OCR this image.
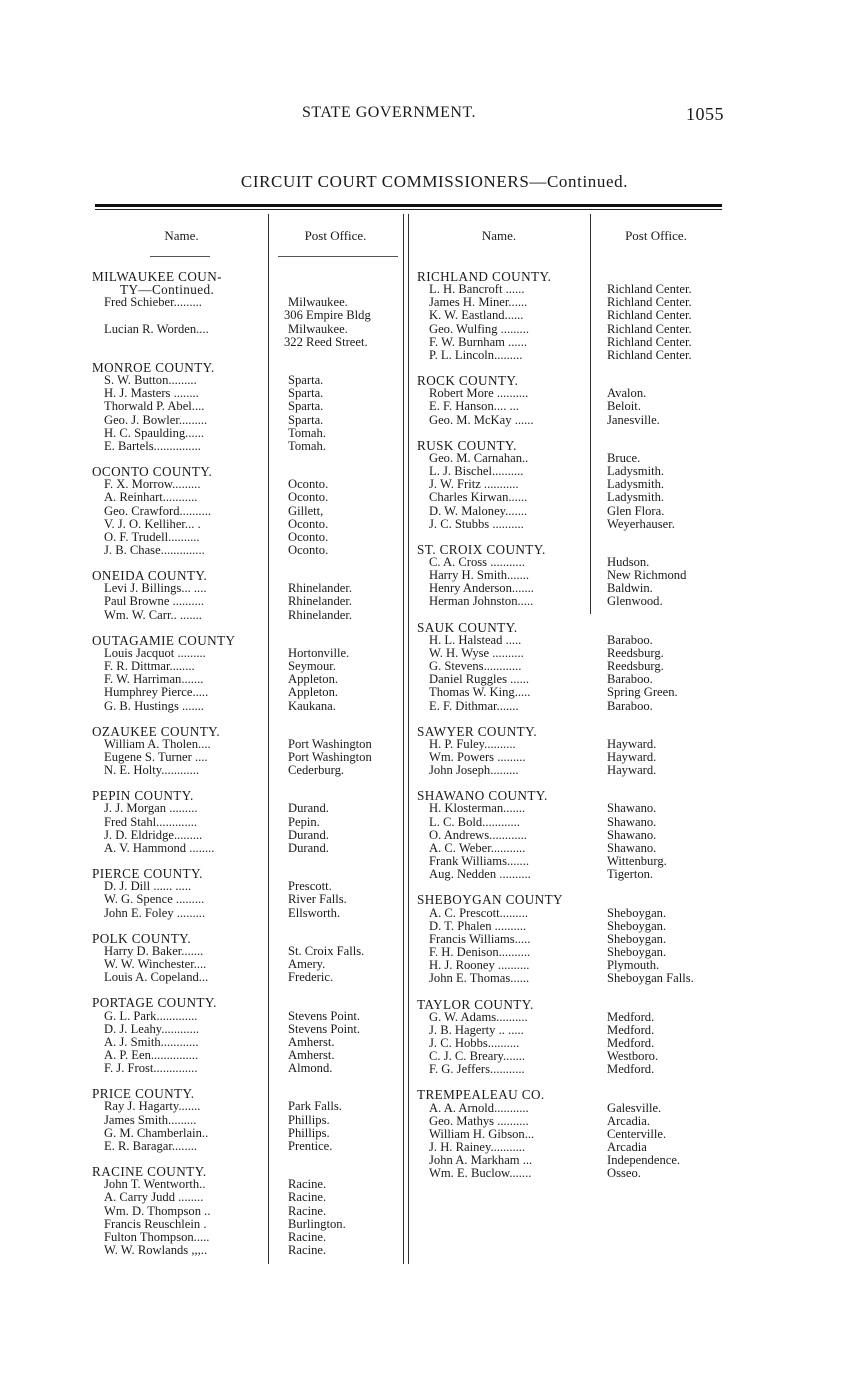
STATE GOVERNMENT.	1055
CIRCUIT COURT COMMISSIONERS—Continued.
Name.	Post Office.	Name.	Post Office.
MILWAUKEE COUN-
TY—Continued.
Fred Schieber.........	Milwaukee.
306 Empire Bldg
Lucian R. Worden....	Milwaukee.
322 Reed Street.
MONROE COUNTY.
S. W. Button.........	Sparta.
H. J. Masters ........	Sparta.
Thorwald P. Abel....	Sparta.
Geo. J. Bowler.........	Sparta.
H. C. Spaulding......	Tomah.
E. Bartels...............	Tomah.
OCONTO COUNTY.
F. X. Morrow.........	Oconto.
A. Reinhart...........	Oconto.
Geo. Crawford..........	Gillett,
V. J. O. Kelliher... .	Oconto.
O. F. Trudell..........	Oconto.
J. B. Chase..............	Oconto.
ONEIDA COUNTY.
Levi J. Billings... ....	Rhinelander.
Paul Browne ..........	Rhinelander.
Wm. W. Carr.. .......	Rhinelander.
OUTAGAMIE COUNTY
Louis Jacquot .........	Hortonville.
F. R. Dittmar........	Seymour.
F. W. Harriman.......	Appleton.
Humphrey Pierce.....	Appleton.
G. B. Hustings .......	Kaukana.
OZAUKEE COUNTY.
William A. Tholen....	Port Washington
Eugene S. Turner ....	Port Washington
N. E. Holty............	Cederburg.
PEPIN COUNTY.
J. J. Morgan .........	Durand.
Fred Stahl.............	Pepin.
J. D. Eldridge.........	Durand.
A. V. Hammond ........	Durand.
PIERCE COUNTY.
D. J. Dill ...... .....	Prescott.
W. G. Spence .........	River Falls.
John E. Foley .........	Ellsworth.
POLK COUNTY.
Harry D. Baker.......	St. Croix Falls.
W. W. Winchester....	Amery.
Louis A. Copeland...	Frederic.
PORTAGE COUNTY.
G. L. Park.............	Stevens Point.
D. J. Leahy............	Stevens Point.
A. J. Smith............	Amherst.
A. P. Een...............	Amherst.
F. J. Frost..............	Almond.
PRICE COUNTY.
Ray J. Hagarty.......	Park Falls.
James Smith.........	Phillips.
G. M. Chamberlain..	Phillips.
E. R. Baragar........	Prentice.
RACINE COUNTY.
John T. Wentworth..	Racine.
A. Carry Judd ........	Racine.
Wm. D. Thompson ..	Racine.
Francis Reuschlein .	Burlington.
Fulton Thompson.....	Racine.
W. W. Rowlands ,,,..	Racine.
RICHLAND COUNTY.
L. H. Bancroft ......	Richland Center.
James H. Miner......	Richland Center.
K. W. Eastland......	Richland Center.
Geo. Wulfing .........	Richland Center.
F. W. Burnham ......	Richland Center.
P. L. Lincoln.........	Richland Center.
ROCK COUNTY.
Robert More ..........	Avalon.
E. F. Hanson.... ...	Beloit.
Geo. M. McKay ......	Janesville.
RUSK COUNTY.
Geo. M. Carnahan..	Bruce.
L. J. Bischel..........	Ladysmith.
J. W. Fritz ...........	Ladysmith.
Charles Kirwan......	Ladysmith.
D. W. Maloney.......	Glen Flora.
J. C. Stubbs ..........	Weyerhauser.
ST. CROIX COUNTY.
C. A. Cross ...........	Hudson.
Harry H. Smith.......	New Richmond
Henry Anderson.......	Baldwin.
Herman Johnston.....	Glenwood.
SAUK COUNTY.
H. L. Halstead .....	Baraboo.
W. H. Wyse ..........	Reedsburg.
G. Stevens............	Reedsburg.
Daniel Ruggles ......	Baraboo.
Thomas W. King.....	Spring Green.
E. F. Dithmar.......	Baraboo.
SAWYER COUNTY.
H. P. Fuley..........	Hayward.
Wm. Powers .........	Hayward.
John Joseph.........	Hayward.
SHAWANO COUNTY.
H. Klosterman.......	Shawano.
L. C. Bold............	Shawano.
O. Andrews............	Shawano.
A. C. Weber...........	Shawano.
Frank Williams.......	Wittenburg.
Aug. Nedden ..........	Tigerton.
SHEBOYGAN COUNTY
A. C. Prescott.........	Sheboygan.
D. T. Phalen ..........	Sheboygan.
Francis Williams.....	Sheboygan.
F. H. Denison..........	Sheboygan.
H. J. Rooney ..........	Plymouth.
John E. Thomas......	Sheboygan Falls.
TAYLOR COUNTY.
G. W. Adams..........	Medford.
J. B. Hagerty .. .....	Medford.
J. C. Hobbs..........	Medford.
C. J. C. Breary.......	Westboro.
F. G. Jeffers...........	Medford.
TREMPEALEAU CO.
A. A. Arnold...........	Galesville.
Geo. Mathys ..........	Arcadia.
William H. Gibson...	Centerville.
J. H. Rainey...........	Arcadia
John A. Markham ...	Independence.
Wm. E. Buclow.......	Osseo.
